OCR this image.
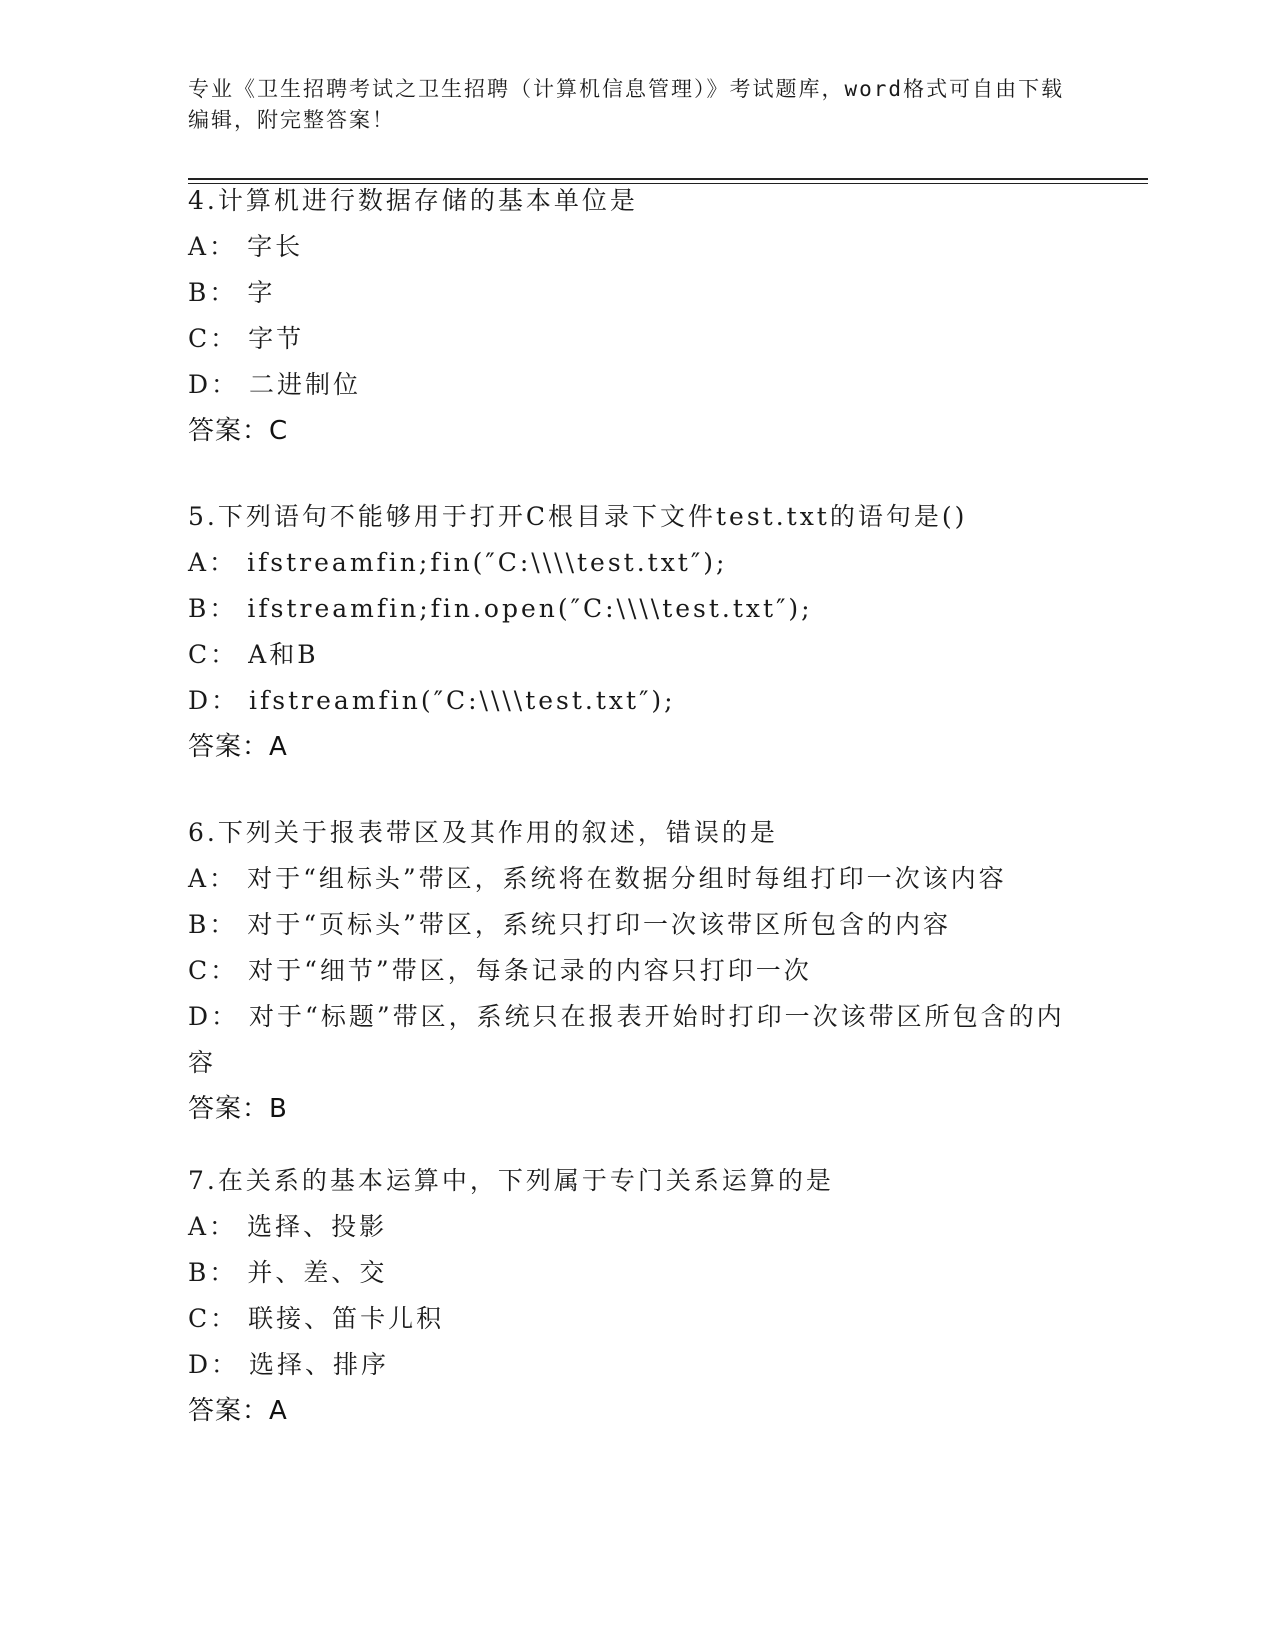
专业《卫生招聘考试之卫生招聘（计算机信息管理）》考试题库，word格式可自由下载编辑，附完整答案！
4.计算机进行数据存储的基本单位是
A： 字长
B： 字
C： 字节
D： 二进制位
答案：C
5.下列语句不能够用于打开C根目录下文件test.txt的语句是()
A： ifstreamfin;fin(″C:\\\\test.txt″);
B： ifstreamfin;fin.open(″C:\\\\test.txt″);
C： A和B
D： ifstreamfin(″C:\\\\test.txt″);
答案：A
6.下列关于报表带区及其作用的叙述，错误的是
A： 对于“组标头”带区，系统将在数据分组时每组打印一次该内容
B： 对于“页标头”带区，系统只打印一次该带区所包含的内容
C： 对于“细节”带区，每条记录的内容只打印一次
D： 对于“标题”带区，系统只在报表开始时打印一次该带区所包含的内容
答案：B
7.在关系的基本运算中，下列属于专门关系运算的是
A： 选择、投影
B： 并、差、交
C： 联接、笛卡儿积
D： 选择、排序
答案：A
